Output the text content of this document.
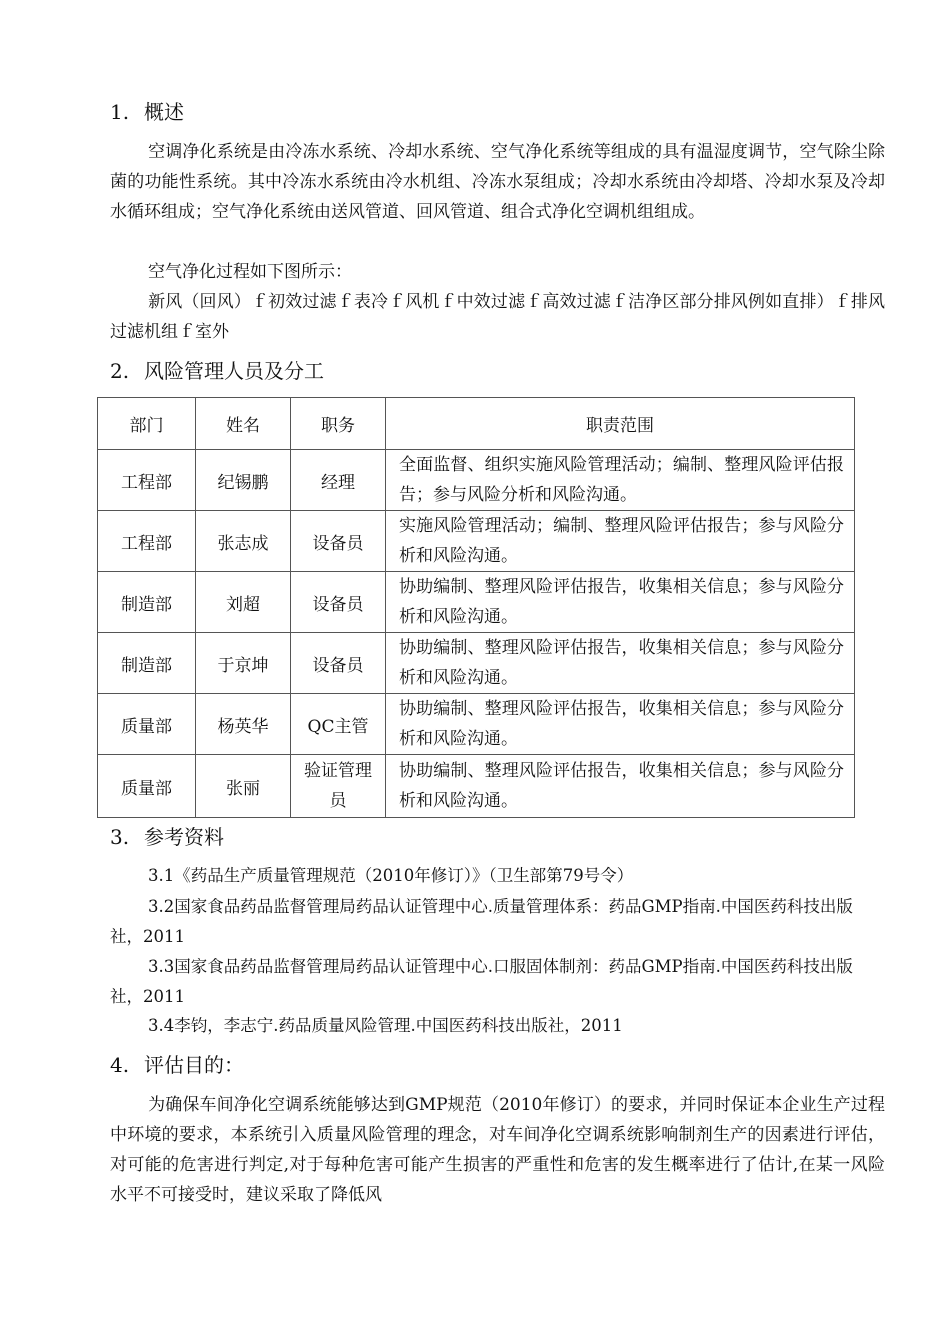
1. 概述
空调净化系统是由冷冻水系统、冷却水系统、空气净化系统等组成的具有温湿度调节，空气除尘除菌的功能性系统。其中冷冻水系统由冷水机组、冷冻水泵组成；冷却水系统由冷却塔、冷却水泵及冷却水循环组成；空气净化系统由送风管道、回风管道、组合式净化空调机组组成。
空气净化过程如下图所示：
新风（回风）ｆ初效过滤ｆ表冷ｆ风机ｆ中效过滤ｆ高效过滤ｆ洁净区部分排风例如直排）ｆ排风过滤机组ｆ室外
2. 风险管理人员及分工
部门	姓名	职务	职责范围
工程部	纪锡鹏	经理	全面监督、组织实施风险管理活动；编制、整理风险评估报告；参与风险分析和风险沟通。
工程部	张志成	设备员	实施风险管理活动；编制、整理风险评估报告；参与风险分析和风险沟通。
制造部	刘超	设备员	协助编制、整理风险评估报告，收集相关信息；参与风险分析和风险沟通。
制造部	于京坤	设备员	协助编制、整理风险评估报告，收集相关信息；参与风险分析和风险沟通。
质量部	杨英华	QC主管	协助编制、整理风险评估报告，收集相关信息；参与风险分析和风险沟通。
质量部	张丽	验证管理员	协助编制、整理风险评估报告，收集相关信息；参与风险分析和风险沟通。
3. 参考资料
3.1《药品生产质量管理规范（2010年修订）》（卫生部第79号令）
3.2国家食品药品监督管理局药品认证管理中心.质量管理体系：药品GMP指南.中国医药科技出版社，2011
3.3国家食品药品监督管理局药品认证管理中心.口服固体制剂：药品GMP指南.中国医药科技出版社，2011
3.4李钧，李志宁.药品质量风险管理.中国医药科技出版社，2011
4. 评估目的：
为确保车间净化空调系统能够达到GMP规范（2010年修订）的要求，并同时保证本企业生产过程中环境的要求，本系统引入质量风险管理的理念，对车间净化空调系统影响制剂生产的因素进行评估，对可能的危害进行判定,对于每种危害可能产生损害的严重性和危害的发生概率进行了估计,在某一风险水平不可接受时，建议采取了降低风
